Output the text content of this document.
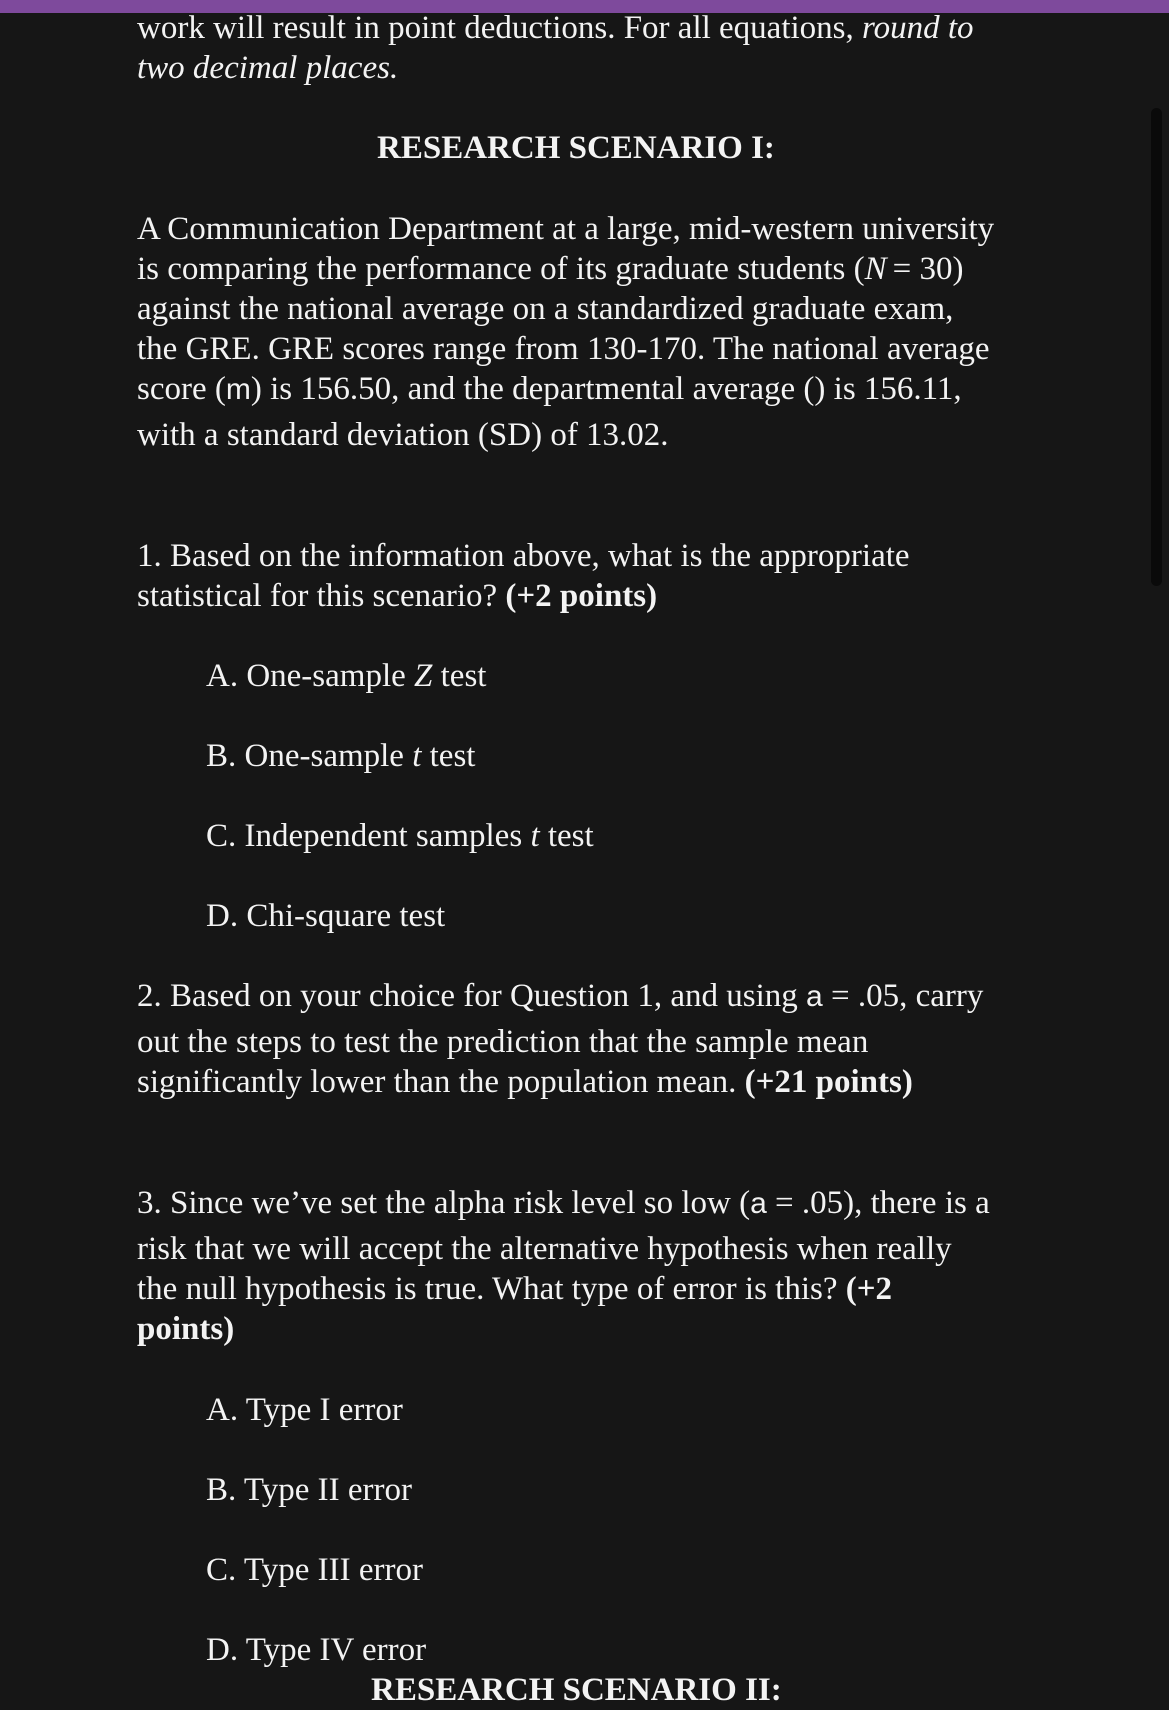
work will result in point deductions. For all equations, round to
two decimal places.
RESEARCH SCENARIO I:
A Communication Department at a large, mid-western university
is comparing the performance of its graduate students (N = 30)
against the national average on a standardized graduate exam,
the GRE. GRE scores range from 130-170. The national average
score (m) is 156.50, and the departmental average () is 156.11,
with a standard deviation (SD) of 13.02.
1. Based on the information above, what is the appropriate
statistical for this scenario? (+2 points)
A. One-sample Z test
B. One-sample t test
C. Independent samples t test
D. Chi-square test
2. Based on your choice for Question 1, and using a = .05, carry
out the steps to test the prediction that the sample mean
significantly lower than the population mean. (+21 points)
3. Since we’ve set the alpha risk level so low (a = .05), there is a
risk that we will accept the alternative hypothesis when really
the null hypothesis is true. What type of error is this? (+2
points)
A. Type I error
B. Type II error
C. Type III error
D. Type IV error
RESEARCH SCENARIO II:
